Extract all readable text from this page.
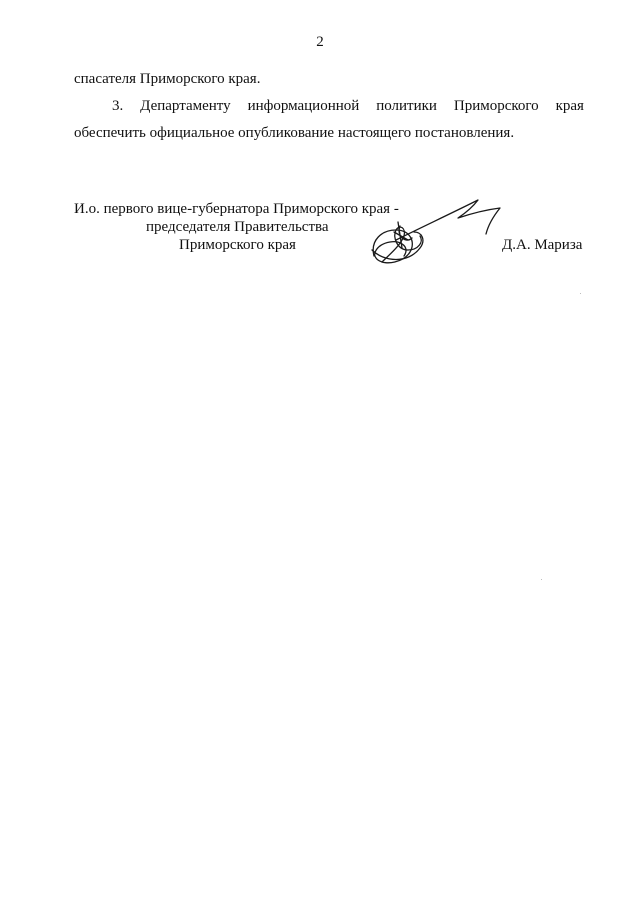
2
спасателя Приморского края.
3. Департаменту информационной политики Приморского края
обеспечить официальное опубликование настоящего постановления.
И.о. первого вице-губернатора Приморского края -
председателя Правительства
Приморского края	Д.А. Мариза
